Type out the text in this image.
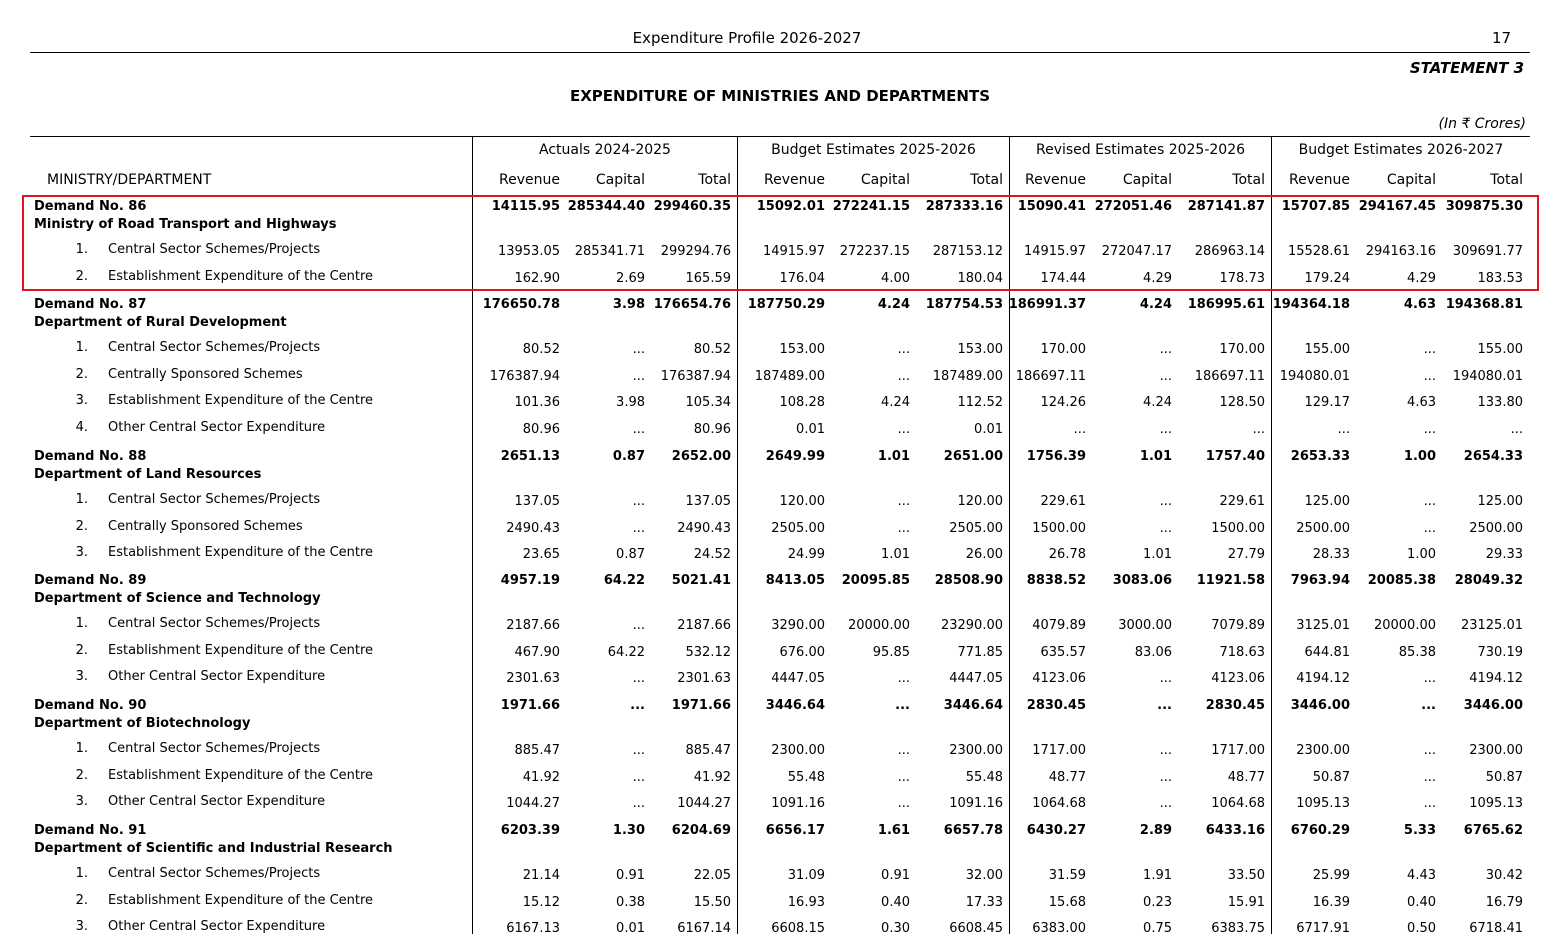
Expenditure Profile 2026-2027	17
STATEMENT 3
EXPENDITURE OF MINISTRIES AND DEPARTMENTS
(In ₹ Crores)
MINISTRY/DEPARTMENT
Actuals 2024-2025	Budget Estimates 2025-2026	Revised Estimates 2025-2026	Budget Estimates 2026-2027
Revenue	Capital	Total	Revenue	Capital	Total	Revenue	Capital	Total	Revenue	Capital	Total
Demand No. 86	14115.95 285344.40 299460.35	15092.01 272241.15	287333.16	15090.41 272051.46	287141.87	15707.85 294167.45 309875.30
Ministry of Road Transport and Highways
1. Central Sector Schemes/Projects	13953.05	285341.71	299294.76	14915.97	272237.15	287153.12	14915.97	272047.17	286963.14	15528.61	294163.16	309691.77
2. Establishment Expenditure of the Centre	162.90	2.69	165.59	176.04	4.00	180.04	174.44	4.29	178.73	179.24	4.29	183.53
Demand No. 87	176650.78	3.98 176654.76	187750.29	4.24	187754.53 186991.37	4.24	186995.61 194364.18	4.63 194368.81
Department of Rural Development
1. Central Sector Schemes/Projects	80.52	...	80.52	153.00	...	153.00	170.00	...	170.00	155.00	...	155.00
2. Centrally Sponsored Schemes	176387.94	...	176387.94	187489.00	...	187489.00 186697.11	...	186697.11	194080.01	...	194080.01
3. Establishment Expenditure of the Centre	101.36	3.98	105.34	108.28	4.24	112.52	124.26	4.24	128.50	129.17	4.63	133.80
4. Other Central Sector Expenditure	80.96	...	80.96	0.01	...	0.01	...	...	...	...	...	...
Demand No. 88	2651.13	0.87	2652.00	2649.99	1.01	2651.00	1756.39	1.01	1757.40	2653.33	1.00	2654.33
Department of Land Resources
1. Central Sector Schemes/Projects	137.05	...	137.05	120.00	...	120.00	229.61	...	229.61	125.00	...	125.00
2. Centrally Sponsored Schemes	2490.43	...	2490.43	2505.00	...	2505.00	1500.00	...	1500.00	2500.00	...	2500.00
3. Establishment Expenditure of the Centre	23.65	0.87	24.52	24.99	1.01	26.00	26.78	1.01	27.79	28.33	1.00	29.33
Demand No. 89	4957.19	64.22	5021.41	8413.05	20095.85	28508.90	8838.52	3083.06	11921.58	7963.94	20085.38	28049.32
Department of Science and Technology
1. Central Sector Schemes/Projects	2187.66	...	2187.66	3290.00	20000.00	23290.00	4079.89	3000.00	7079.89	3125.01	20000.00	23125.01
2. Establishment Expenditure of the Centre	467.90	64.22	532.12	676.00	95.85	771.85	635.57	83.06	718.63	644.81	85.38	730.19
3. Other Central Sector Expenditure	2301.63	...	2301.63	4447.05	...	4447.05	4123.06	...	4123.06	4194.12	...	4194.12
Demand No. 90	1971.66	...	1971.66	3446.64	...	3446.64	2830.45	...	2830.45	3446.00	...	3446.00
Department of Biotechnology
1. Central Sector Schemes/Projects	885.47	...	885.47	2300.00	...	2300.00	1717.00	...	1717.00	2300.00	...	2300.00
2. Establishment Expenditure of the Centre	41.92	...	41.92	55.48	...	55.48	48.77	...	48.77	50.87	...	50.87
3. Other Central Sector Expenditure	1044.27	...	1044.27	1091.16	...	1091.16	1064.68	...	1064.68	1095.13	...	1095.13
Demand No. 91	6203.39	1.30	6204.69	6656.17	1.61	6657.78	6430.27	2.89	6433.16	6760.29	5.33	6765.62
Department of Scientific and Industrial Research
1. Central Sector Schemes/Projects	21.14	0.91	22.05	31.09	0.91	32.00	31.59	1.91	33.50	25.99	4.43	30.42
2. Establishment Expenditure of the Centre	15.12	0.38	15.50	16.93	0.40	17.33	15.68	0.23	15.91	16.39	0.40	16.79
3. Other Central Sector Expenditure	6167.13	0.01	6167.14	6608.15	0.30	6608.45	6383.00	0.75	6383.75	6717.91	0.50	6718.41
